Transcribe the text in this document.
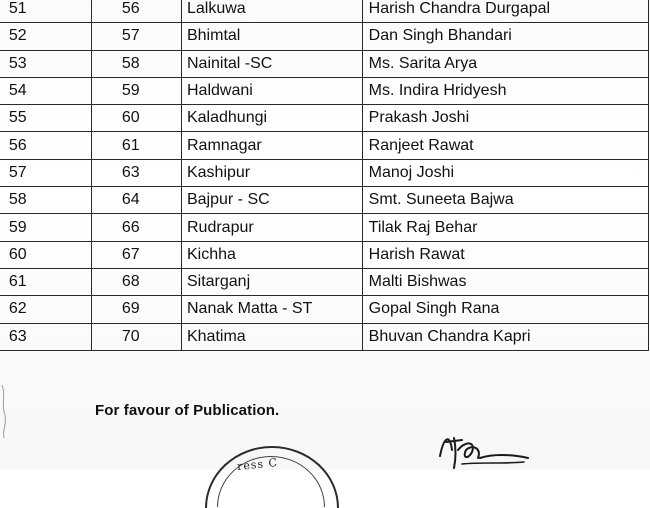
51	56	Lalkuwa	Harish Chandra Durgapal
52	57	Bhimtal	Dan Singh Bhandari
53	58	Nainital -SC	Ms. Sarita Arya
54	59	Haldwani	Ms. Indira Hridyesh
55	60	Kaladhungi	Prakash Joshi
56	61	Ramnagar	Ranjeet Rawat
57	63	Kashipur	Manoj Joshi
58	64	Bajpur - SC	Smt. Suneeta Bajwa
59	66	Rudrapur	Tilak Raj Behar
60	67	Kichha	Harish Rawat
61	68	Sitarganj	Malti Bishwas
62	69	Nanak Matta - ST	Gopal Singh Rana
63	70	Khatima	Bhuvan Chandra Kapri
For favour of Publication.
ress C
